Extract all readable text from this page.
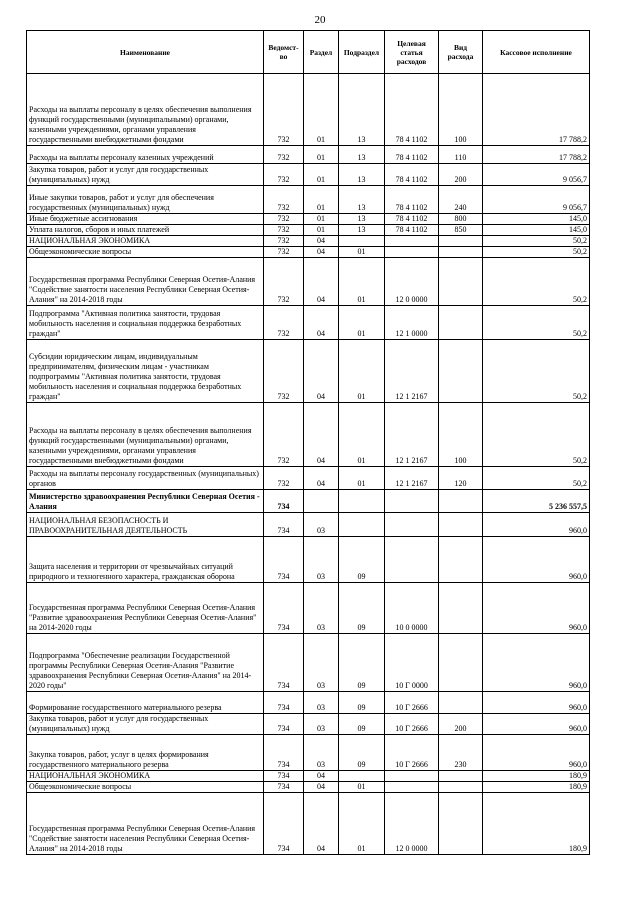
20
Наименование	Ведомст-во	Раздел	Подраздел	Целевая статья расходов	Вид расхода	Кассовое исполнение
Расходы на выплаты персоналу в целях обеспечения выполнения функций государственными (муниципальными) органами, казенными учреждениями, органами управления государственными внебюджетными фондами	732	01	13	78 4 1102	100	17 788,2
Расходы на выплаты персоналу казенных учреждений	732	01	13	78 4 1102	110	17 788,2
Закупка товаров, работ и услуг для государственных (муниципальных) нужд	732	01	13	78 4 1102	200	9 056,7
Иные закупки товаров, работ и услуг для обеспечения государственных (муниципальных) нужд	732	01	13	78 4 1102	240	9 056,7
Иные бюджетные ассигнования	732	01	13	78 4 1102	800	145,0
Уплата налогов, сборов и иных платежей	732	01	13	78 4 1102	850	145,0
НАЦИОНАЛЬНАЯ ЭКОНОМИКА	732	04				50,2
Общеэкономические вопросы	732	04	01			50,2
Государственная программа Республики Северная Осетия-Алания "Содействие занятости населения Республики Северная Осетия-Алания" на 2014-2018 годы	732	04	01	12 0 0000		50,2
Подпрограмма "Активная политика занятости, трудовая мобильность населения и социальная поддержка безработных граждан"	732	04	01	12 1 0000		50,2
Субсидии юридическим лицам, индивидуальным предпринимателям, физическим лицам - участникам подпрограммы "Активная политика занятости, трудовая мобильность населения и социальная поддержка безработных граждан"	732	04	01	12 1 2167		50,2
Расходы на выплаты персоналу в целях обеспечения выполнения функций государственными (муниципальными) органами, казенными учреждениями, органами управления государственными внебюджетными фондами	732	04	01	12 1 2167	100	50,2
Расходы на выплаты персоналу государственных (муниципальных) органов	732	04	01	12 1 2167	120	50,2
Министерство здравоохранения Республики Северная Осетия - Алания	734					5 236 557,5
НАЦИОНАЛЬНАЯ БЕЗОПАСНОСТЬ И ПРАВООХРАНИТЕЛЬНАЯ ДЕЯТЕЛЬНОСТЬ	734	03				960,0
Защита населения и территории от чрезвычайных ситуаций природного и техногенного характера, гражданская оборона	734	03	09			960,0
Государственная программа Республики Северная Осетия-Алания "Развитие здравоохранения Республики Северная Осетия-Алания" на 2014-2020 годы	734	03	09	10 0 0000		960,0
Подпрограмма "Обеспечение реализации Государственной программы Республики Северная Осетия-Алания "Развитие здравоохранения Республики Северная Осетия-Алания" на 2014-2020 годы"	734	03	09	10 Г 0000		960,0
Формирование государственного материального резерва	734	03	09	10 Г 2666		960,0
Закупка товаров, работ и услуг для государственных (муниципальных) нужд	734	03	09	10 Г 2666	200	960,0
Закупка товаров, работ, услуг в целях формирования государственного материального резерва	734	03	09	10 Г 2666	230	960,0
НАЦИОНАЛЬНАЯ ЭКОНОМИКА	734	04				180,9
Общеэкономические вопросы	734	04	01			180,9
Государственная программа Республики Северная Осетия-Алания "Содействие занятости населения Республики Северная Осетия-Алания" на 2014-2018 годы	734	04	01	12 0 0000		180,9
